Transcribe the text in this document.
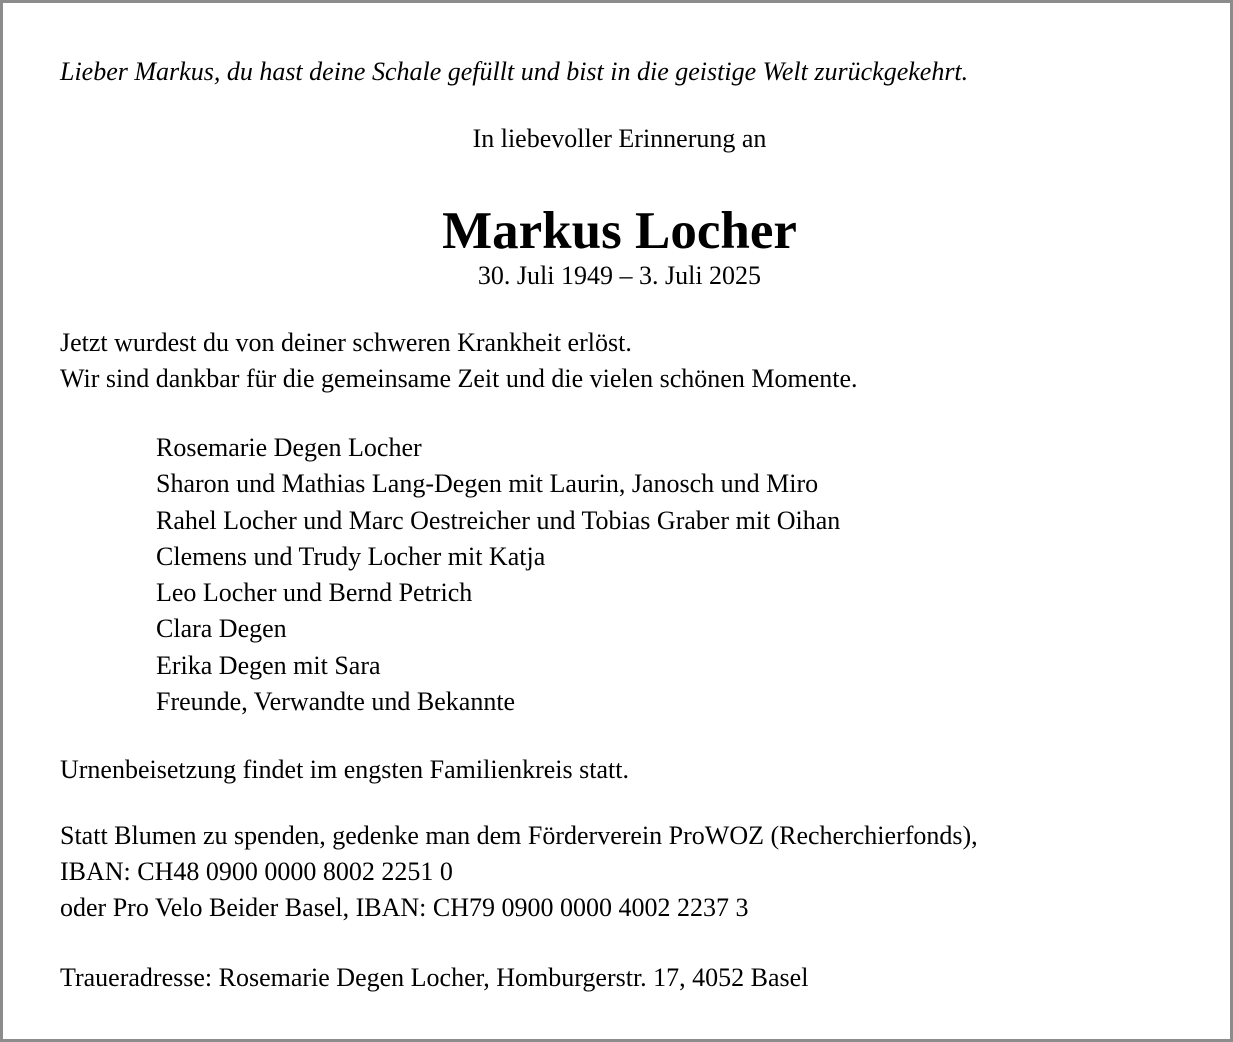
Lieber Markus, du hast deine Schale gefüllt und bist in die geistige Welt zurückgekehrt.
In liebevoller Erinnerung an
Markus Locher
30. Juli 1949 – 3. Juli 2025
Jetzt wurdest du von deiner schweren Krankheit erlöst.
Wir sind dankbar für die gemeinsame Zeit und die vielen schönen Momente.
Rosemarie Degen Locher
Sharon und Mathias Lang-Degen mit Laurin, Janosch und Miro
Rahel Locher und Marc Oestreicher und Tobias Graber mit Oihan
Clemens und Trudy Locher mit Katja
Leo Locher und Bernd Petrich
Clara Degen
Erika Degen mit Sara
Freunde, Verwandte und Bekannte
Urnenbeisetzung findet im engsten Familienkreis statt.
Statt Blumen zu spenden, gedenke man dem Förderverein ProWOZ (Recherchierfonds),
IBAN: CH48 0900 0000 8002 2251 0
oder Pro Velo Beider Basel, IBAN: CH79 0900 0000 4002 2237 3
Traueradresse: Rosemarie Degen Locher, Homburgerstr. 17, 4052 Basel
